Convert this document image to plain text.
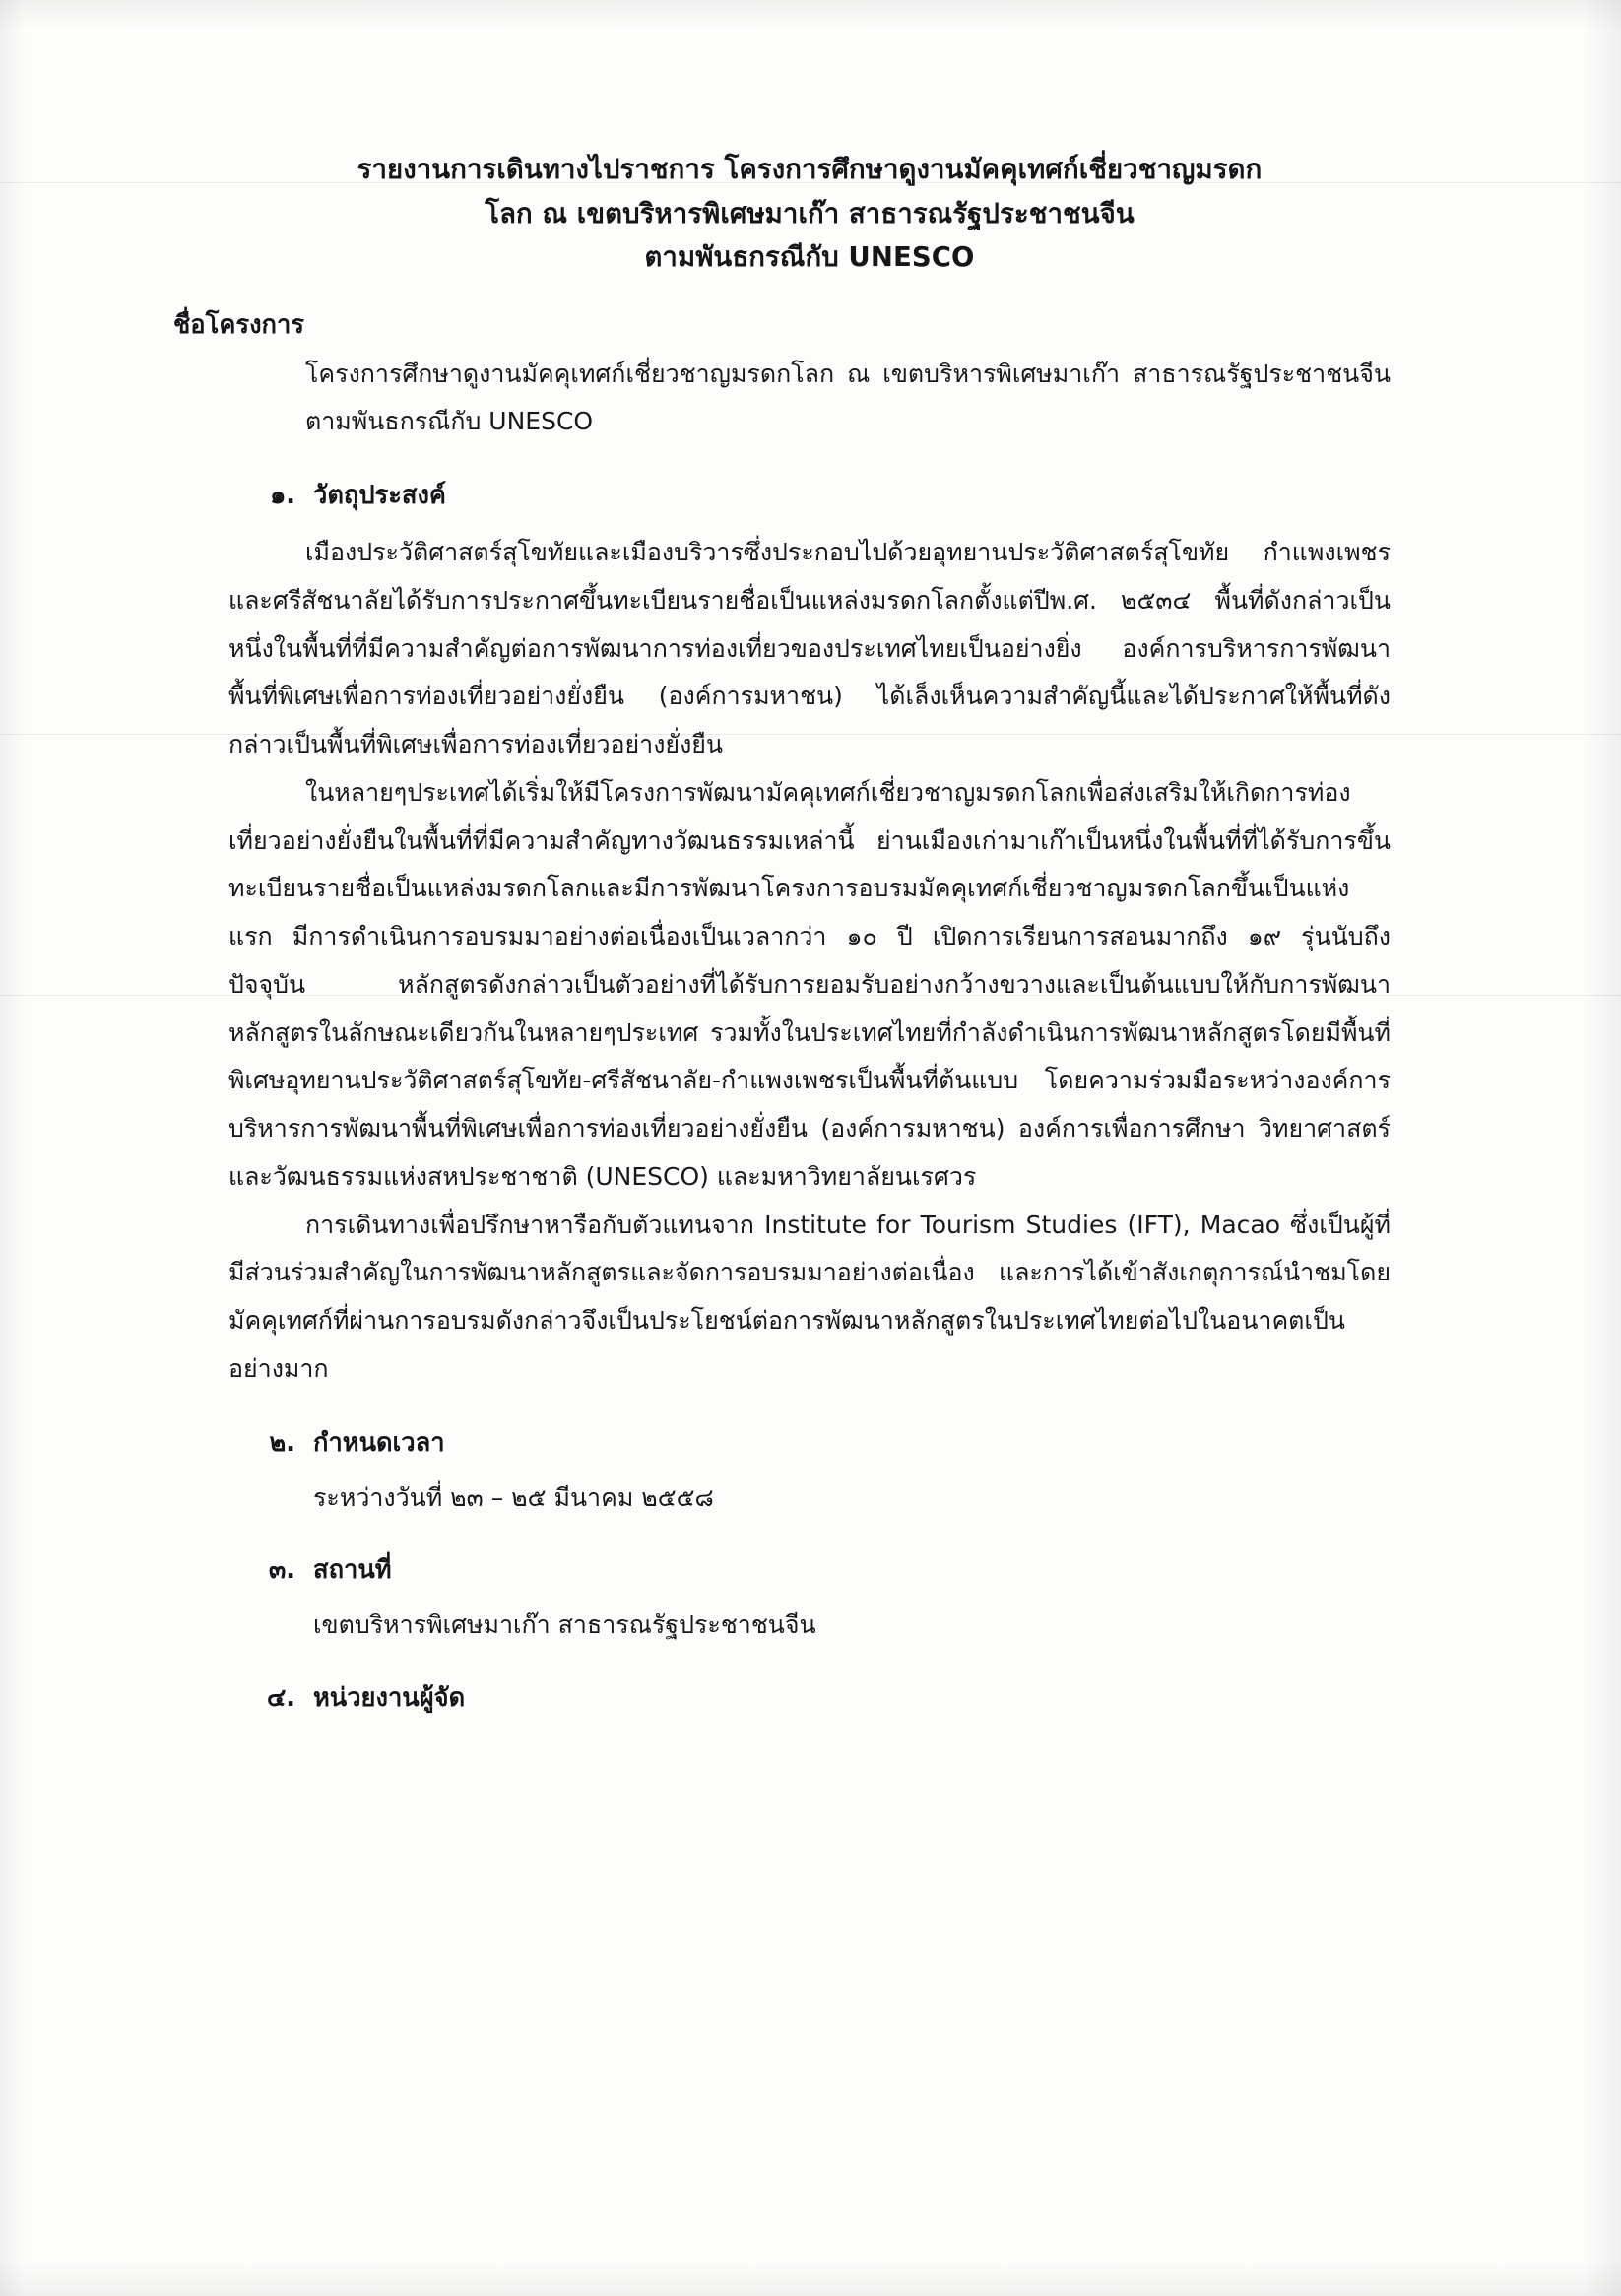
รายงานการเดินทางไปราชการ โครงการศึกษาดูงานมัคคุเทศก์เชี่ยวชาญมรดก
โลก ณ เขตบริหารพิเศษมาเก๊า สาธารณรัฐประชาชนจีน
ตามพันธกรณีกับ UNESCO
ชื่อโครงการ
โครงการศึกษาดูงานมัคคุเทศก์เชี่ยวชาญมรดกโลก ณ เขตบริหารพิเศษมาเก๊า สาธารณรัฐประชาชนจีน ตามพันธกรณีกับ UNESCO
๑. วัตถุประสงค์

เมืองประวัติศาสตร์สุโขทัยและเมืองบริวารซึ่งประกอบไปด้วยอุทยานประวัติศาสตร์สุโขทัย กำแพงเพชรและศรีสัชนาลัยได้รับการประกาศขึ้นทะเบียนรายชื่อเป็นแหล่งมรดกโลกตั้งแต่ปีพ.ศ. ๒๕๓๔ พื้นที่ดังกล่าวเป็นหนึ่งในพื้นที่ที่มีความสำคัญต่อการพัฒนาการท่องเที่ยวของประเทศไทยเป็นอย่างยิ่ง องค์การบริหารการพัฒนาพื้นที่พิเศษเพื่อการท่องเที่ยวอย่างยั่งยืน (องค์การมหาชน) ได้เล็งเห็นความสำคัญนี้และได้ประกาศให้พื้นที่ดังกล่าวเป็นพื้นที่พิเศษเพื่อการท่องเที่ยวอย่างยั่งยืน

ในหลายๆประเทศได้เริ่มให้มีโครงการพัฒนามัคคุเทศก์เชี่ยวชาญมรดกโลกเพื่อส่งเสริมให้เกิดการท่องเที่ยวอย่างยั่งยืนในพื้นที่ที่มีความสำคัญทางวัฒนธรรมเหล่านี้ ย่านเมืองเก่ามาเก๊าเป็นหนึ่งในพื้นที่ที่ได้รับการขึ้นทะเบียนรายชื่อเป็นแหล่งมรดกโลกและมีการพัฒนาโครงการอบรมมัคคุเทศก์เชี่ยวชาญมรดกโลกขึ้นเป็นแห่งแรก มีการดำเนินการอบรมมาอย่างต่อเนื่องเป็นเวลากว่า ๑๐ ปี เปิดการเรียนการสอนมากถึง ๑๙ รุ่นนับถึงปัจจุบัน หลักสูตรดังกล่าวเป็นตัวอย่างที่ได้รับการยอมรับอย่างกว้างขวางและเป็นต้นแบบให้กับการพัฒนาหลักสูตรในลักษณะเดียวกันในหลายๆประเทศ รวมทั้งในประเทศไทยที่กำลังดำเนินการพัฒนาหลักสูตรโดยมีพื้นที่พิเศษอุทยานประวัติศาสตร์สุโขทัย-ศรีสัชนาลัย-กำแพงเพชรเป็นพื้นที่ต้นแบบ โดยความร่วมมือระหว่างองค์การบริหารการพัฒนาพื้นที่พิเศษเพื่อการท่องเที่ยวอย่างยั่งยืน (องค์การมหาชน) องค์การเพื่อการศึกษา วิทยาศาสตร์และวัฒนธรรมแห่งสหประชาชาติ (UNESCO) และมหาวิทยาลัยนเรศวร

การเดินทางเพื่อปรึกษาหารือกับตัวแทนจาก Institute for Tourism Studies (IFT), Macao ซึ่งเป็นผู้ที่มีส่วนร่วมสำคัญในการพัฒนาหลักสูตรและจัดการอบรมมาอย่างต่อเนื่อง และการได้เข้าสังเกตุการณ์นำชมโดยมัคคุเทศก์ที่ผ่านการอบรมดังกล่าวจึงเป็นประโยชน์ต่อการพัฒนาหลักสูตรในประเทศไทยต่อไปในอนาคตเป็นอย่างมาก

๒. กำหนดเวลา
ระหว่างวันที่ ๒๓ – ๒๕ มีนาคม ๒๕๕๘
๓. สถานที่
เขตบริหารพิเศษมาเก๊า สาธารณรัฐประชาชนจีน
๔. หน่วยงานผู้จัด
